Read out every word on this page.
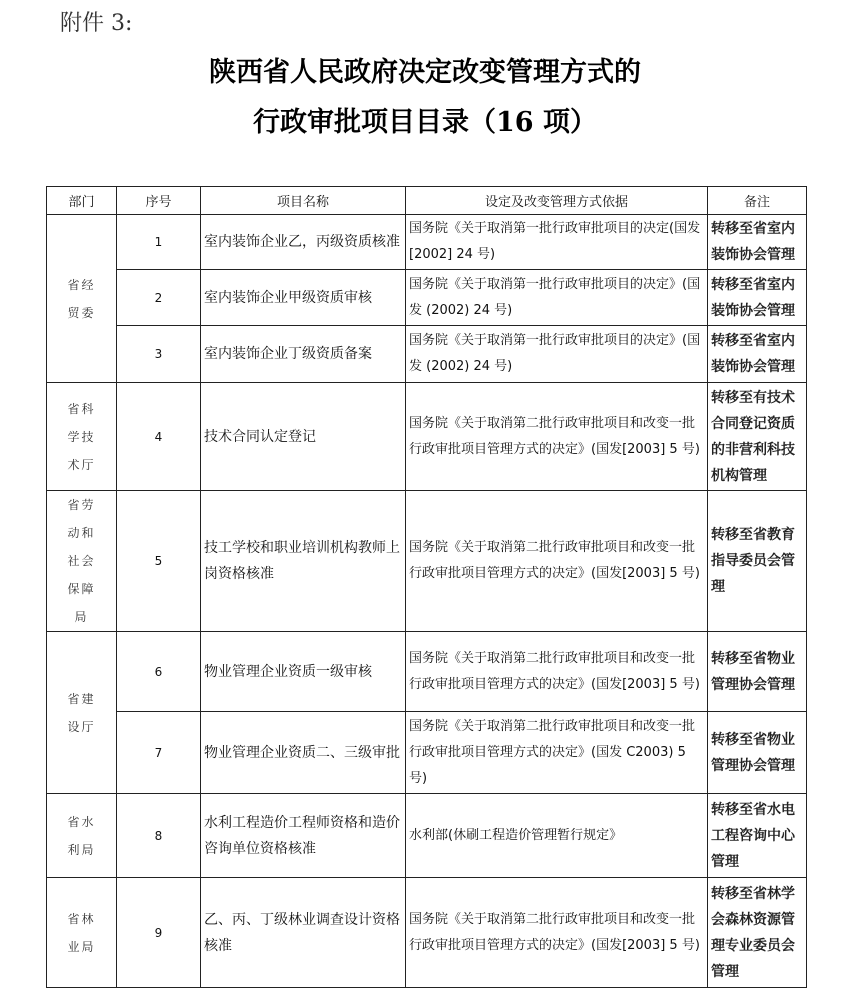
附件 3:
陕西省人民政府决定改变管理方式的
行政审批项目目录（16 项）
部门	序号	项目名称	设定及改变管理方式依据	备注
省经贸委	1	室内装饰企业乙，丙级资质核准	国务院《关于取消第一批行政审批项目的决定(国发[2002] 24 号)	转移至省室内装饰协会管理
	2	室内装饰企业甲级资质审核	国务院《关于取消第一批行政审批项目的决定》(国发 (2002) 24 号)	转移至省室内装饰协会管理
	3	室内装饰企业丁级资质备案	国务院《关于取消第一批行政审批项目的决定》(国发 (2002) 24 号)	转移至省室内装饰协会管理
省科学技术厅	4	技术合同认定登记	国务院《关于取消第二批行政审批项目和改变一批行政审批项目管理方式的决定》(国发[2003] 5 号)	转移至有技术合同登记资质的非营利科技机构管理
省劳动和社会保障局	5	技工学校和职业培训机构教师上岗资格核准	国务院《关于取消第二批行政审批项目和改变一批行政审批项目管理方式的决定》(国发[2003] 5 号)	转移至省教育指导委员会管理
省建设厅	6	物业管理企业资质一级审核	国务院《关于取消第二批行政审批项目和改变一批行政审批项目管理方式的决定》(国发[2003] 5 号)	转移至省物业管理协会管理
	7	物业管理企业资质二、三级审批	国务院《关于取消第二批行政审批项目和改变一批行政审批项目管理方式的决定》(国发 C2003) 5 号)	转移至省物业管理协会管理
省水利局	8	水利工程造价工程师资格和造价咨询单位资格核准	水利部(休刷工程造价管理暂行规定》	转移至省水电工程咨询中心管理
省林业局	9	乙、丙、丁级林业调查设计资格核准	国务院《关于取消第二批行政审批项目和改变一批行政审批项目管理方式的决定》(国发[2003] 5 号)	转移至省林学会森林资源管理专业委员会管理
